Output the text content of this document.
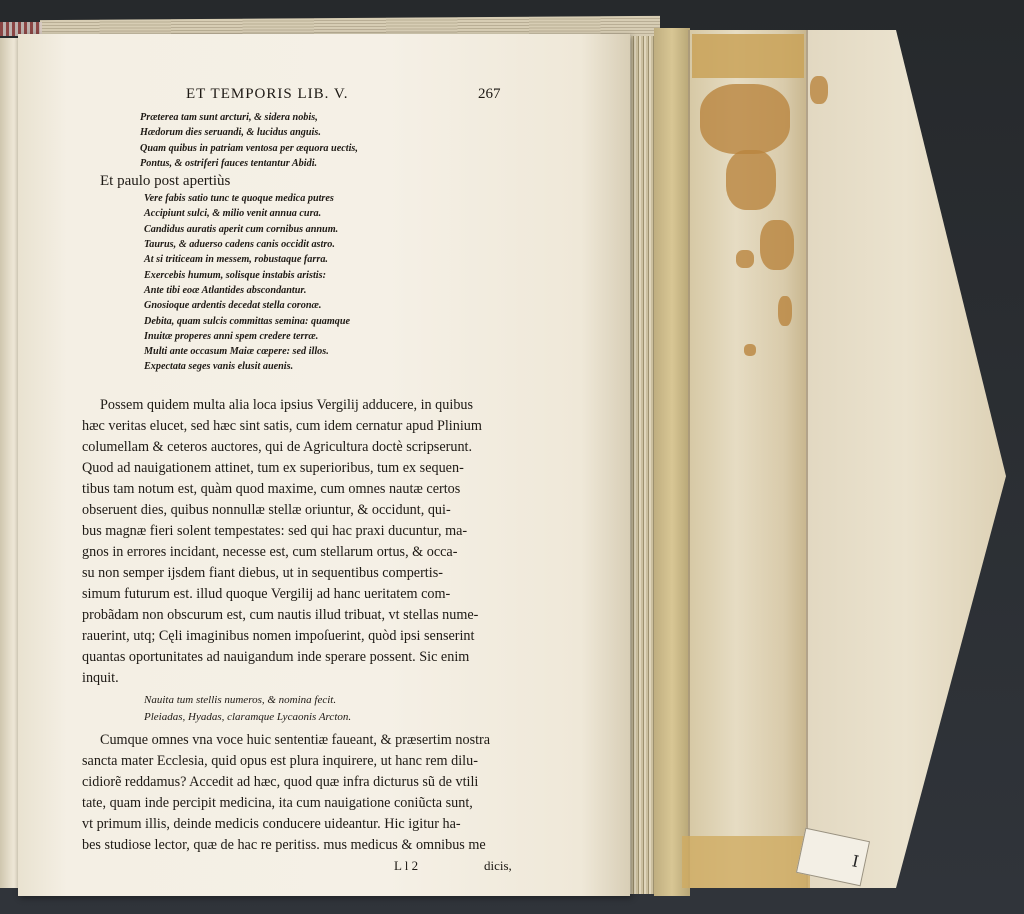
I
ET TEMPORIS LIB. V.	267
Præterea tam sunt arcturi, & sidera nobis,
Hædorum dies seruandi, & lucidus anguis.
Quam quibus in patriam ventosa per æquora uectis,
Pontus, & ostriferi fauces tentantur Abidi.
Et paulo post apertiùs
Vere fabis satio tunc te quoque medica putres
Accipiunt sulci, & milio venit annua cura.
Candidus auratis aperit cum cornibus annum.
Taurus, & aduerso cadens canis occidit astro.
At si triticeam in messem, robustaque farra.
Exercebis humum, solisque instabis aristis:
Ante tibi eoæ Atlantides abscondantur.
Gnosioque ardentis decedat stella coronæ.
Debita, quam sulcis committas semina: quamque
Inuitæ properes anni spem credere terræ.
Multi ante occasum Maiæ cœpere: sed illos.
Expectata seges vanis elusit auenis.
Possem quidem multa alia loca ipsius Vergilij adducere, in quibus
hæc veritas elucet, sed hæc sint satis, cum idem cernatur apud Plinium
columellam & ceteros auctores, qui de Agricultura doctè scripserunt.
Quod ad nauigationem attinet, tum ex superioribus, tum ex sequen-
tibus tam notum est, quàm quod maxime, cum omnes nautæ certos
obseruent dies, quibus nonnullæ stellæ oriuntur, & occidunt, qui-
bus magnæ fieri solent tempestates: sed qui hac praxi ducuntur, ma-
gnos in errores incidant, necesse est, cum stellarum ortus, & occa-
su non semper ijsdem fiant diebus, ut in sequentibus compertis-
simum futurum est. illud quoque Vergilij ad hanc ueritatem com-
probãdam non obscurum est, cum nautis illud tribuat, vt stellas nume-
rauerint, utq; Cęli imaginibus nomen impoſuerint, quòd ipsi senserint
quantas oportunitates ad nauigandum inde sperare possent. Sic enim
inquit.
Nauita tum stellis numeros, & nomina fecit.
Pleiadas, Hyadas, claramque Lycaonis Arcton.
Cumque omnes vna voce huic sententiæ faueant, & præsertim nostra
sancta mater Ecclesia, quid opus est plura inquirere, ut hanc rem dilu-
cidiorẽ reddamus? Accedit ad hæc, quod quæ infra dicturus sũ de vtili
tate, quam inde percipit medicina, ita cum nauigatione coniũcta sunt,
vt primum illis, deinde medicis conducere uideantur. Hic igitur ha-
bes studiose lector, quæ de hac re peritiss. mus medicus & omnibus me
L l 2	dicis,
